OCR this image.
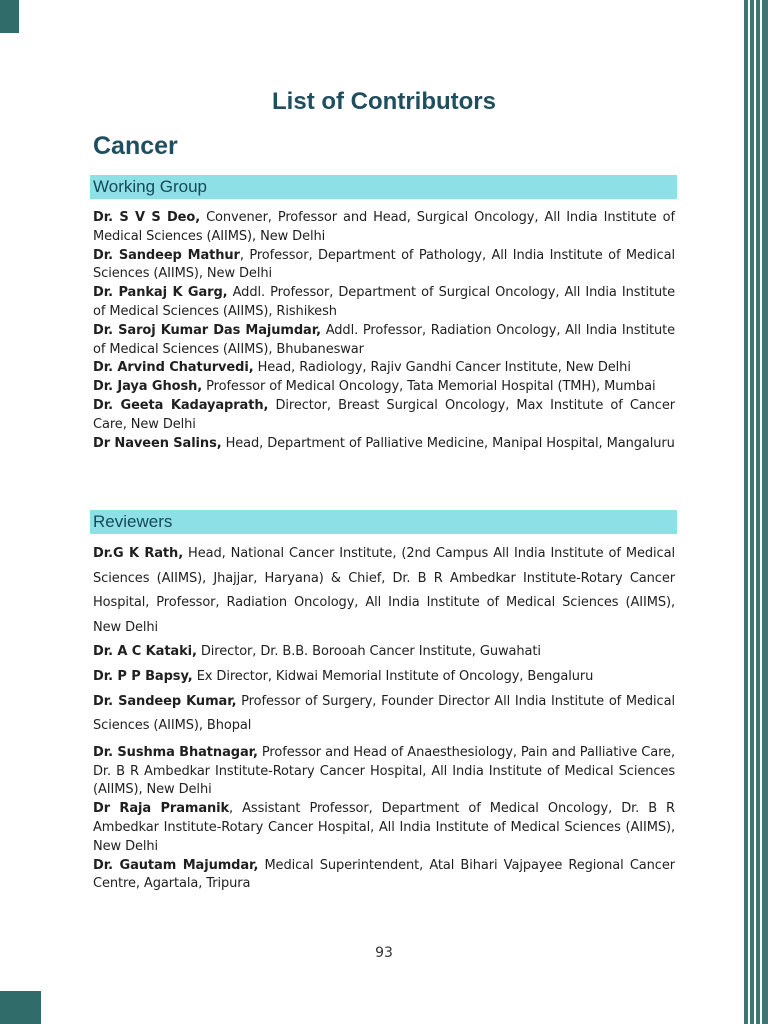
List of Contributors
Cancer
Working Group
Dr. S V S Deo, Convener, Professor and Head, Surgical Oncology, All India Institute of Medical Sciences (AIIMS), New Delhi
Dr. Sandeep Mathur, Professor, Department of Pathology, All India Institute of Medical Sciences (AIIMS), New Delhi
Dr. Pankaj K Garg, Addl. Professor, Department of Surgical Oncology, All India Institute of Medical Sciences (AIIMS), Rishikesh
Dr. Saroj Kumar Das Majumdar, Addl. Professor, Radiation Oncology, All India Institute of Medical Sciences (AIIMS), Bhubaneswar
Dr. Arvind Chaturvedi, Head, Radiology, Rajiv Gandhi Cancer Institute, New Delhi
Dr. Jaya Ghosh, Professor of Medical Oncology, Tata Memorial Hospital (TMH), Mumbai
Dr. Geeta Kadayaprath, Director, Breast Surgical Oncology, Max Institute of Cancer Care, New Delhi
Dr Naveen Salins, Head, Department of Palliative Medicine, Manipal Hospital, Mangaluru
Reviewers
Dr.G K Rath, Head, National Cancer Institute, (2nd Campus All India Institute of Medical Sciences (AIIMS), Jhajjar, Haryana) & Chief, Dr. B R Ambedkar Institute-Rotary Cancer Hospital, Professor, Radiation Oncology, All India Institute of Medical Sciences (AIIMS), New Delhi
Dr. A C Kataki, Director, Dr. B.B. Borooah Cancer Institute, Guwahati
Dr. P P Bapsy, Ex Director, Kidwai Memorial Institute of Oncology, Bengaluru
Dr. Sandeep Kumar, Professor of Surgery, Founder Director All India Institute of Medical Sciences (AIIMS), Bhopal
Dr. Sushma Bhatnagar, Professor and Head of Anaesthesiology, Pain and Palliative Care, Dr. B R Ambedkar Institute-Rotary Cancer Hospital, All India Institute of Medical Sciences (AIIMS), New Delhi
Dr Raja Pramanik, Assistant Professor, Department of Medical Oncology, Dr. B R Ambedkar Institute-Rotary Cancer Hospital, All India Institute of Medical Sciences (AIIMS), New Delhi
Dr. Gautam Majumdar, Medical Superintendent, Atal Bihari Vajpayee Regional Cancer Centre, Agartala, Tripura
93
